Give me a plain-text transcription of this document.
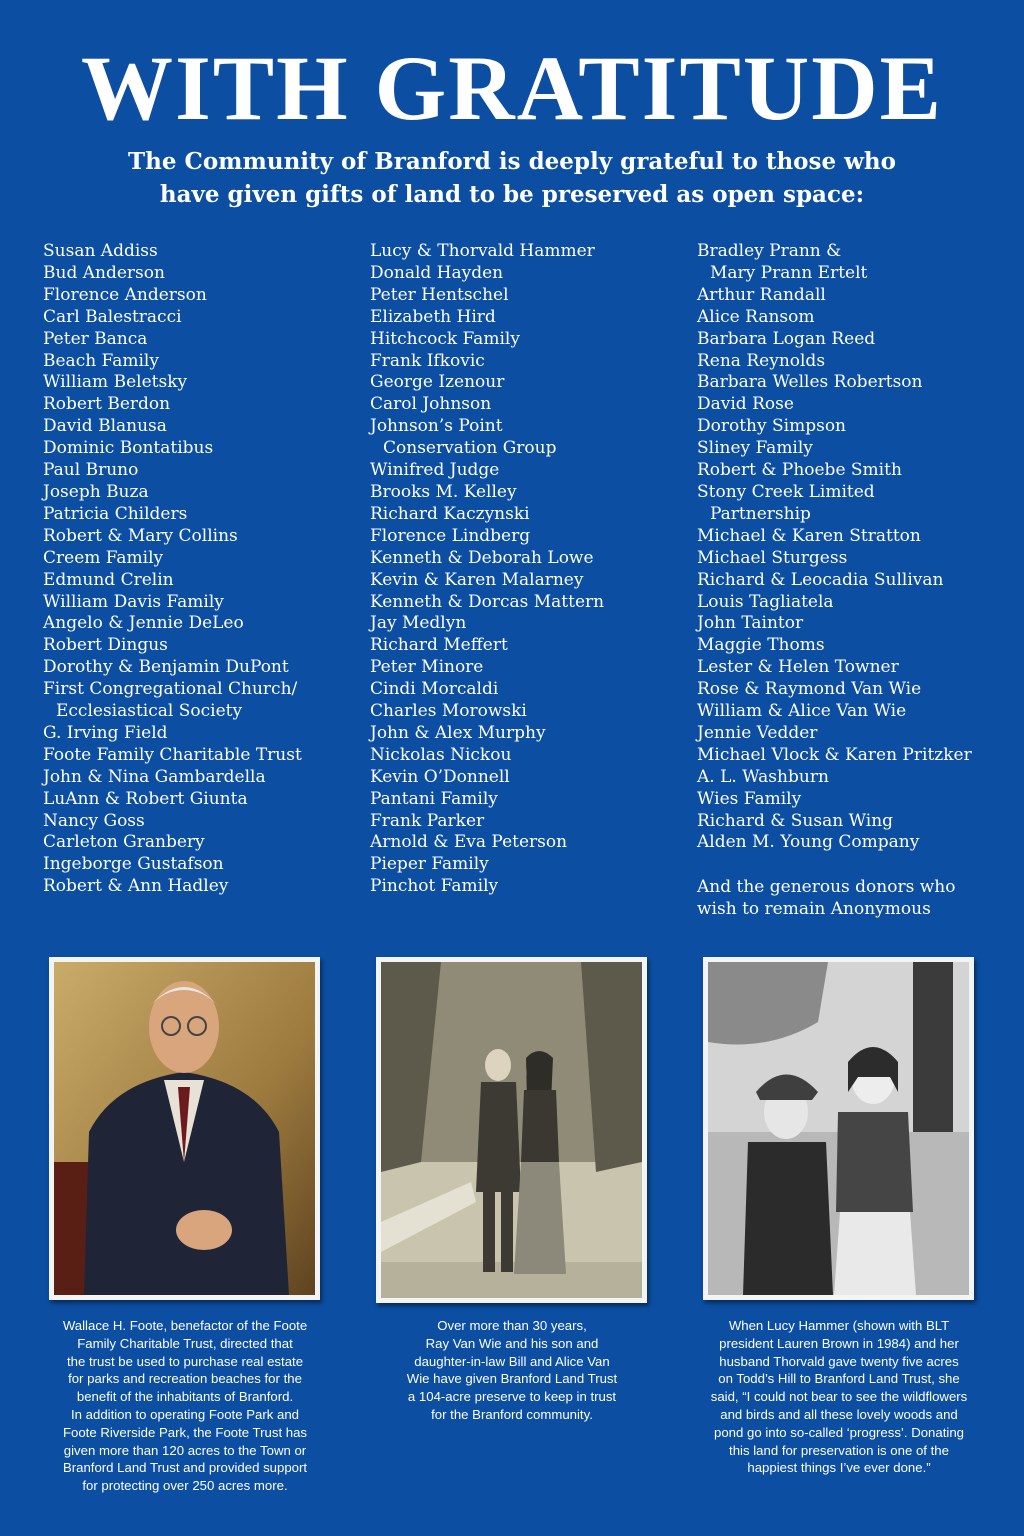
WITH GRATITUDE
The Community of Branford is deeply grateful to those who
have given gifts of land to be preserved as open space:
Susan Addiss
Bud Anderson
Florence Anderson
Carl Balestracci
Peter Banca
Beach Family
William Beletsky
Robert Berdon
David Blanusa
Dominic Bontatibus
Paul Bruno
Joseph Buza
Patricia Childers
Robert & Mary Collins
Creem Family
Edmund Crelin
William Davis Family
Angelo & Jennie DeLeo
Robert Dingus
Dorothy & Benjamin DuPont
First Congregational Church/
Ecclesiastical Society
G. Irving Field
Foote Family Charitable Trust
John & Nina Gambardella
LuAnn & Robert Giunta
Nancy Goss
Carleton Granbery
Ingeborge Gustafson
Robert & Ann Hadley
Lucy & Thorvald Hammer
Donald Hayden
Peter Hentschel
Elizabeth Hird
Hitchcock Family
Frank Ifkovic
George Izenour
Carol Johnson
Johnson’s Point
Conservation Group
Winifred Judge
Brooks M. Kelley
Richard Kaczynski
Florence Lindberg
Kenneth & Deborah Lowe
Kevin & Karen Malarney
Kenneth & Dorcas Mattern
Jay Medlyn
Richard Meffert
Peter Minore
Cindi Morcaldi
Charles Morowski
John & Alex Murphy
Nickolas Nickou
Kevin O’Donnell
Pantani Family
Frank Parker
Arnold & Eva Peterson
Pieper Family
Pinchot Family
Bradley Prann &
Mary Prann Ertelt
Arthur Randall
Alice Ransom
Barbara Logan Reed
Rena Reynolds
Barbara Welles Robertson
David Rose
Dorothy Simpson
Sliney Family
Robert & Phoebe Smith
Stony Creek Limited
Partnership
Michael & Karen Stratton
Michael Sturgess
Richard & Leocadia Sullivan
Louis Tagliatela
John Taintor
Maggie Thoms
Lester & Helen Towner
Rose & Raymond Van Wie
William & Alice Van Wie
Jennie Vedder
Michael Vlock & Karen Pritzker
A. L. Washburn
Wies Family
Richard & Susan Wing
Alden M. Young Company
And the generous donors who
wish to remain Anonymous
Wallace H. Foote, benefactor of the Foote
Family Charitable Trust, directed that
the trust be used to purchase real estate
for parks and recreation beaches for the
benefit of the inhabitants of Branford.
In addition to operating Foote Park and
Foote Riverside Park, the Foote Trust has
given more than 120 acres to the Town or
Branford Land Trust and provided support
for protecting over 250 acres more.
Over more than 30 years,
Ray Van Wie and his son and
daughter-in-law Bill and Alice Van
Wie have given Branford Land Trust
a 104-acre preserve to keep in trust
for the Branford community.
When Lucy Hammer (shown with BLT
president Lauren Brown in 1984) and her
husband Thorvald gave twenty five acres
on Todd’s Hill to Branford Land Trust, she
said, “I could not bear to see the wildflowers
and birds and all these lovely woods and
pond go into so-called ‘progress’. Donating
this land for preservation is one of the
happiest things I’ve ever done.”
